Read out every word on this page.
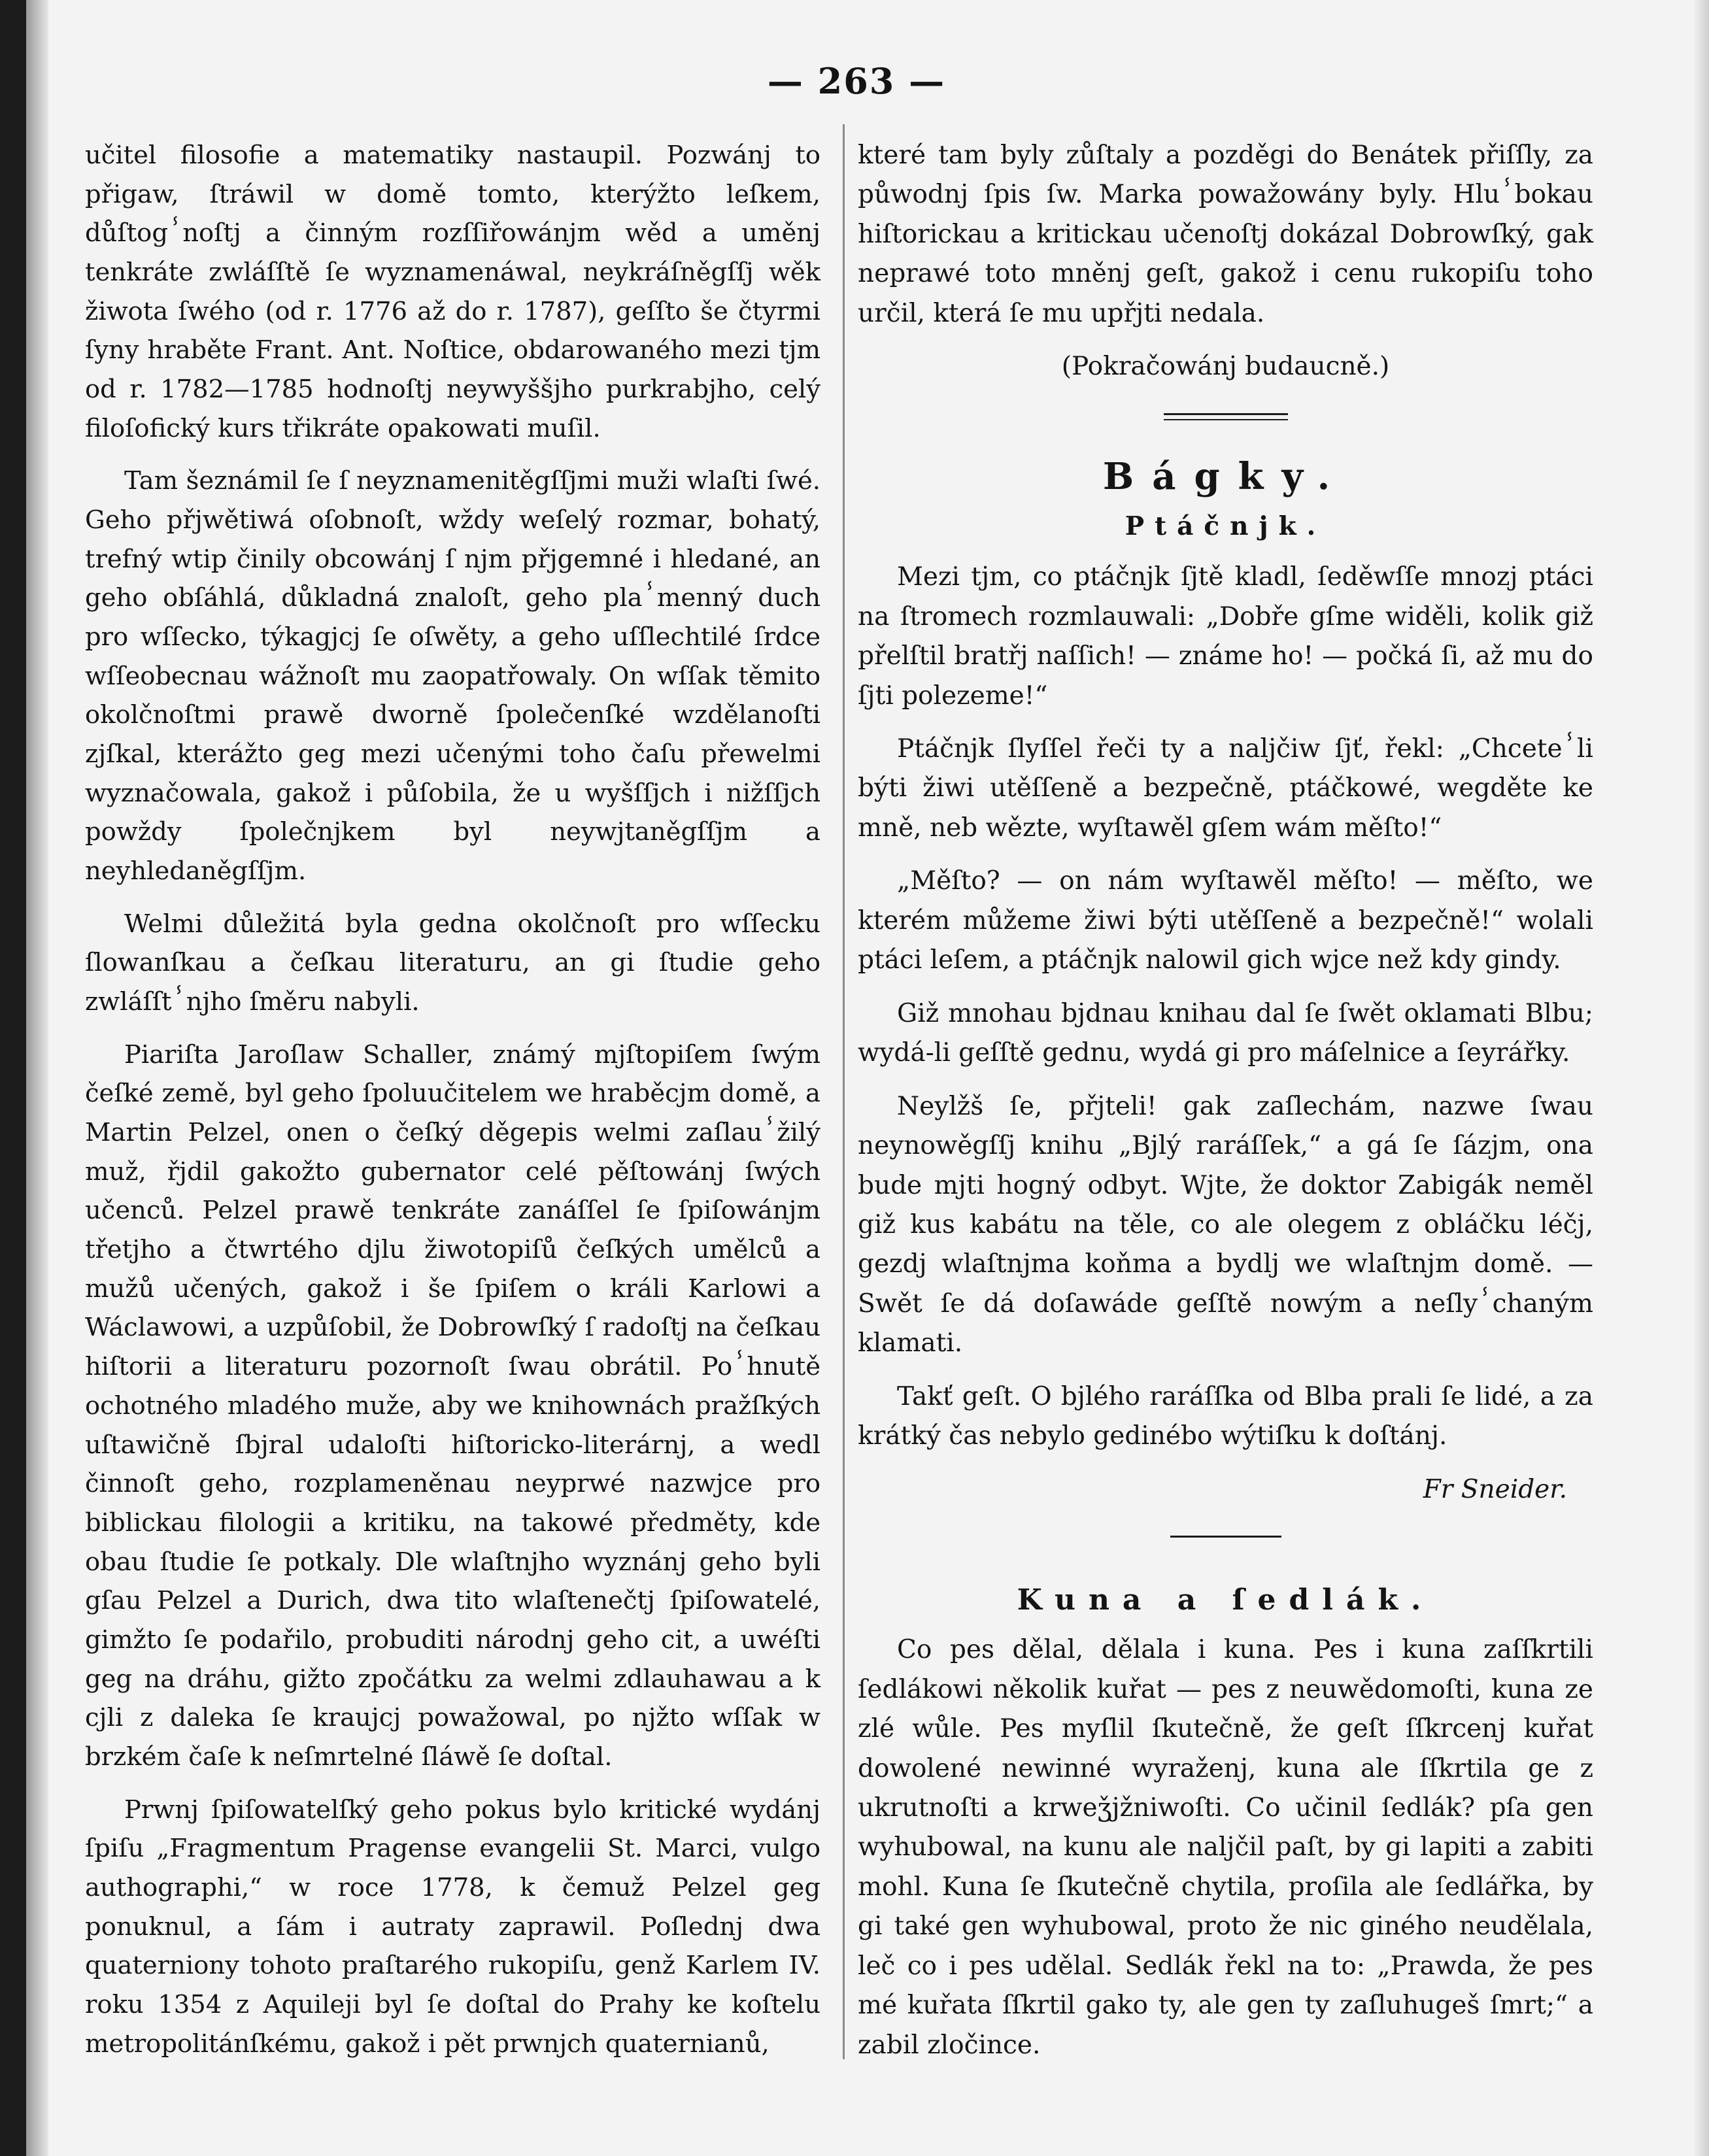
— 263 —

učitel filosofie a matematiky nastaupil. Pozwánj to přigaw, ſtráwil w domě tomto, kterýžto leſkem, důſtogⸯnoſtj a činným rozſſiřowánjm wěd a uměnj tenkráte zwláſſtě ſe wyznamenáwal, neykráſněgſſj wěk žiwota ſwého (od r. 1776 až do r. 1787), geſſto še čtyrmi ſyny hraběte Frant. Ant. Noſtice, obdarowaného mezi tjm od r. 1782—1785 hodnoſtj neywyššjho purkrabjho, celý filoſofický kurs třikráte opakowati muſil.

Tam šeznámil ſe ſ neyznamenitěgſſjmi muži wlaſti ſwé. Geho přjwětiwá oſobnoſt, wždy weſelý rozmar, bohatý, trefný wtip činily obcowánj ſ njm přjgemné i hledané, an geho obſáhlá, důkladná znaloſt, geho plaⸯmenný duch pro wſſecko, týkagjcj ſe oſwěty, a geho uſſlechtilé ſrdce wſſeobecnau wážnoſt mu zaopatřowaly. On wſſak těmito okolčnoſtmi prawě dworně ſpolečenſké wzdělanoſti zjſkal, kterážto geg mezi učenými toho čaſu přewelmi wyznačowala, gakož i půſobila, že u wyšſſjch i nižſſjch powždy ſpolečnjkem byl neywjtaněgſſjm a neyhledaněgſſjm.

Welmi důležitá byla gedna okolčnoſt pro wſſecku ſlowanſkau a čeſkau literaturu, an gi ſtudie geho zwláſſtⸯnjho ſměru nabyli.

Piariſta Jaroſlaw Schaller, známý mjſtopiſem ſwým čeſké země, byl geho ſpoluučitelem we hraběcjm domě, a Martin Pelzel, onen o čeſký děgepis welmi zaſlauⸯžilý muž, řjdil gakožto gubernator celé pěſtowánj ſwých učenců. Pelzel prawě tenkráte zanáſſel ſe ſpiſowánjm třetjho a čtwrtého djlu žiwotopiſů čeſkých umělců a mužů učených, gakož i še ſpiſem o králi Karlowi a Wáclawowi, a uzpůſobil, že Dobrowſký ſ radoſtj na čeſkau hiſtorii a literaturu pozornoſt ſwau obrátil. Poⸯhnutě ochotného mladého muže, aby we knihownách pražſkých uſtawičně ſbjral udaloſti hiſtoricko-literárnj, a wedl činnoſt geho, rozplameněnau neyprwé nazwjce pro biblickau filologii a kritiku, na takowé předměty, kde obau ſtudie ſe potkaly. Dle wlaſtnjho wyznánj geho byli gſau Pelzel a Durich, dwa tito wlaſtenečtj ſpiſowatelé, gimžto ſe podařilo, probuditi národnj geho cit, a uwéſti geg na dráhu, gižto zpočátku za welmi zdlauhawau a k cjli z daleka ſe kraujcj powažowal, po njžto wſſak w brzkém čaſe k neſmrtelné ſláwě ſe doſtal.

Prwnj ſpiſowatelſký geho pokus bylo kritické wydánj ſpiſu „Fragmentum Pragense evangelii St. Marci, vulgo authographi,“ w roce 1778, k čemuž Pelzel geg ponuknul, a ſám i autraty zaprawil. Poſlednj dwa quaterniony tohoto praſtarého rukopiſu, genž Karlem IV. roku 1354 z Aquileji byl ſe doſtal do Prahy ke koſtelu metropolitánſkému, gakož i pět prwnjch quaternianů,

které tam byly zůſtaly a pozděgi do Benátek přiſſly, za půwodnj ſpis ſw. Marka powažowány byly. Hluⸯbokau hiſtorickau a kritickau učenoſtj dokázal Dobrowſký, gak neprawé toto mněnj geſt, gakož i cenu rukopiſu toho určil, která ſe mu upřjti nedala.

(Pokračowánj budaucně.)

Bágky.
Ptáčnjk.

Mezi tjm, co ptáčnjk ſjtě kladl, ſeděwſſe mnozj ptáci na ſtromech rozmlauwali: „Dobře gſme widěli, kolik giž přelſtil bratřj naſſich! — známe ho! — počká ſi, až mu do ſjti polezeme!“

Ptáčnjk ſlyſſel řeči ty a naljčiw ſjť, řekl: „Chceteⸯli býti žiwi utěſſeně a bezpečně, ptáčkowé, wegděte ke mně, neb wězte, wyſtawěl gſem wám měſto!“

„Měſto? — on nám wyſtawěl měſto! — měſto, we kterém můžeme žiwi býti utěſſeně a bezpečně!“ wolali ptáci leſem, a ptáčnjk nalowil gich wjce než kdy gindy.

Giž mnohau bjdnau knihau dal ſe ſwět oklamati Blbu; wydá-li geſſtě gednu, wydá gi pro máſelnice a ſeyrářky.

Neylžš ſe, přjteli! gak zaſlechám, nazwe ſwau neynowěgſſj knihu „Bjlý raráſſek,“ a gá ſe ſázjm, ona bude mjti hogný odbyt. Wjte, že doktor Zabigák neměl giž kus kabátu na těle, co ale olegem z obláčku léčj, gezdj wlaſtnjma koňma a bydlj we wlaſtnjm domě. — Swět ſe dá doſawáde geſſtě nowým a neſlyⸯchaným klamati.

Takť geſt. O bjlého raráſſka od Blba prali ſe lidé, a za krátký čas nebylo gedinébo wýtiſku k doſtánj.

Fr Sneider.

Kuna a ſedlák.

Co pes dělal, dělala i kuna. Pes i kuna zaſſkrtili ſedlákowi několik kuřat — pes z neuwědomoſti, kuna ze zlé wůle. Pes myſlil ſkutečně, že geſt ſſkrcenj kuřat dowolené newinné wyraženj, kuna ale ſſkrtila ge z ukrutnoſti a krweǯjžniwoſti. Co učinil ſedlák? pſa gen wyhubowal, na kunu ale naljčil paſt, by gi lapiti a zabiti mohl. Kuna ſe ſkutečně chytila, proſila ale ſedlářka, by gi také gen wyhubowal, proto že nic giného neudělala, leč co i pes udělal. Sedlák řekl na to: „Prawda, že pes mé kuřata ſſkrtil gako ty, ale gen ty zaſluhugeš ſmrt;“ a zabil zločince.
